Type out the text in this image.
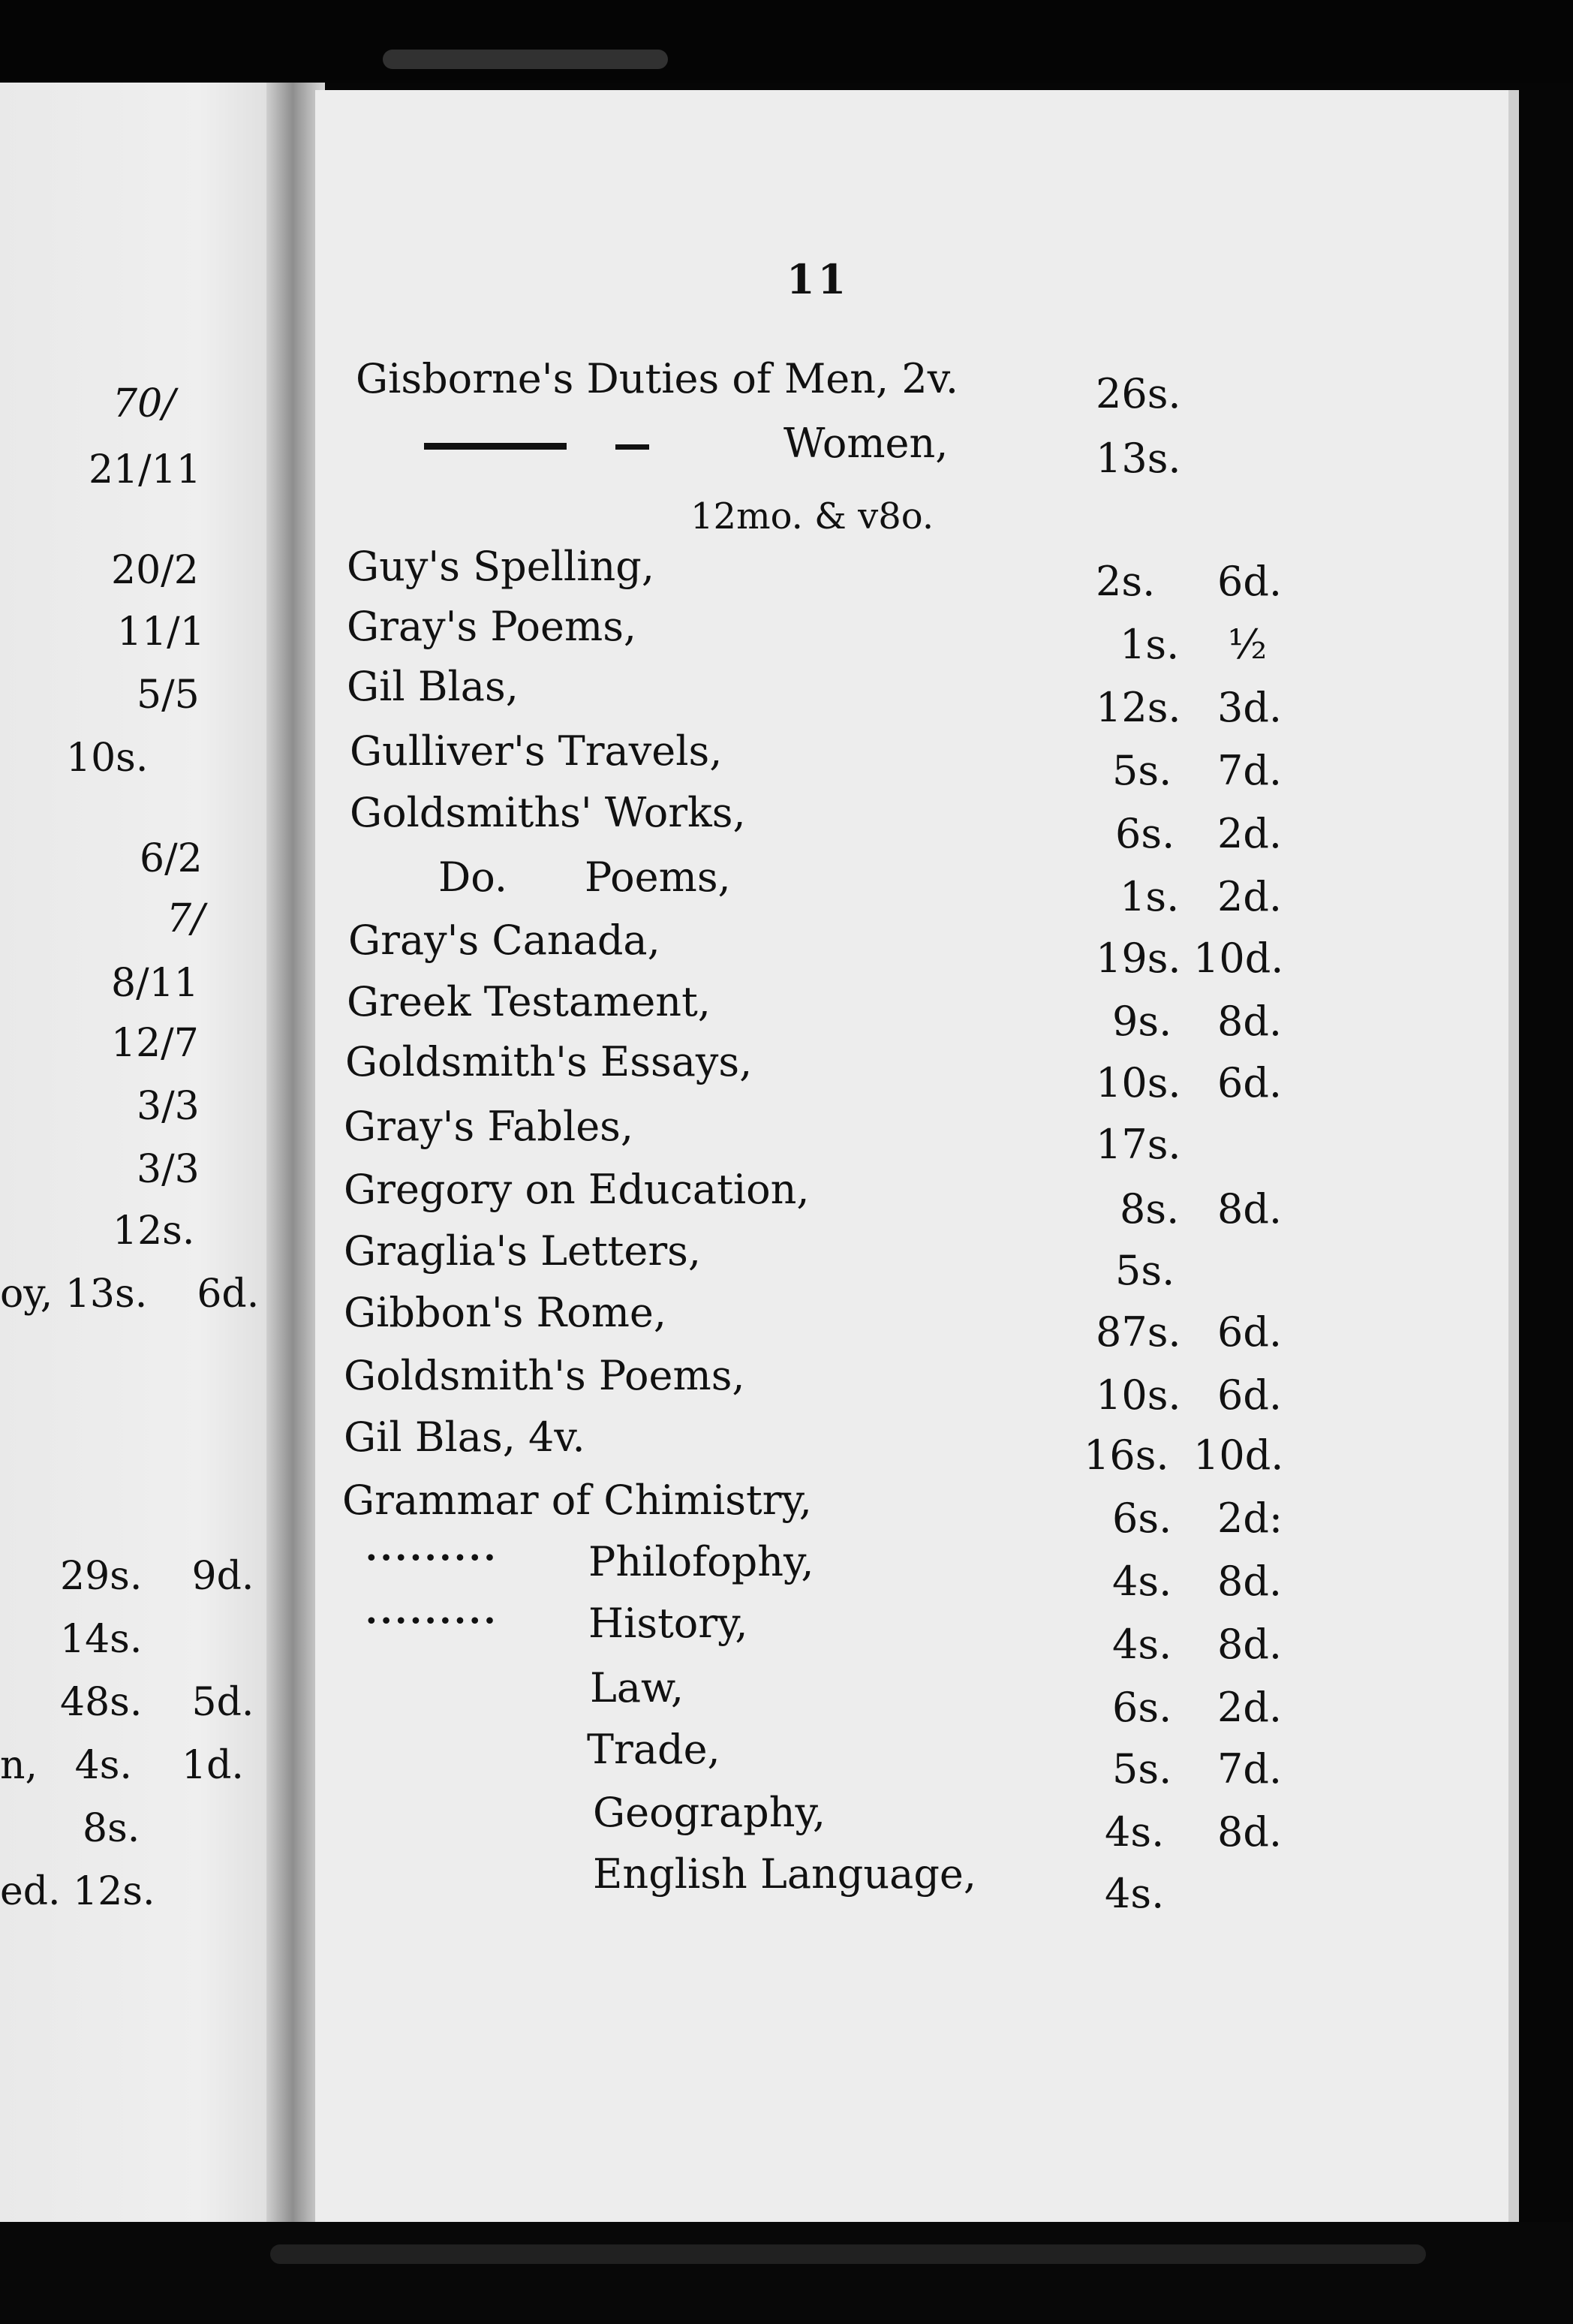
11
Gisborne's Duties of Men, 2v.	26s.
Women,	13s.
12mo. & v8o.
Guy's Spelling,	2s. 6d.
Gray's Poems,	1s. ½
Gil Blas,	12s. 3d.
Gulliver's Travels,	5s. 7d.
Goldsmiths' Works,	6s. 2d.
Do.      Poems,	1s. 2d.
Gray's Canada,	19s. 10d.
Greek Testament,	9s. 8d.
Goldsmith's Essays,	10s. 6d.
Gray's Fables,	17s.
Gregory on Education,	8s. 8d.
Graglia's Letters,	5s.
Gibbon's Rome,	87s. 6d.
Goldsmith's Poems,	10s. 6d.
Gil Blas, 4v.	16s. 10d.
Grammar of Chimistry,	6s. 2d:
••••••••• Philofophy,	4s. 8d.
••••••••• History,	4s. 8d.
Law,	6s. 2d.
Trade,	5s. 7d.
Geography,	4s. 8d.
English Language,	4s.
70/
21/11
20/2
11/1
5/5
10s.
6/2
7/
8/11
12/7
3/3
3/3
12s.
oy, 13s.    6d.
29s.    9d.
14s.
48s.    5d.
n,   4s.    1d.
8s.
ed. 12s.
